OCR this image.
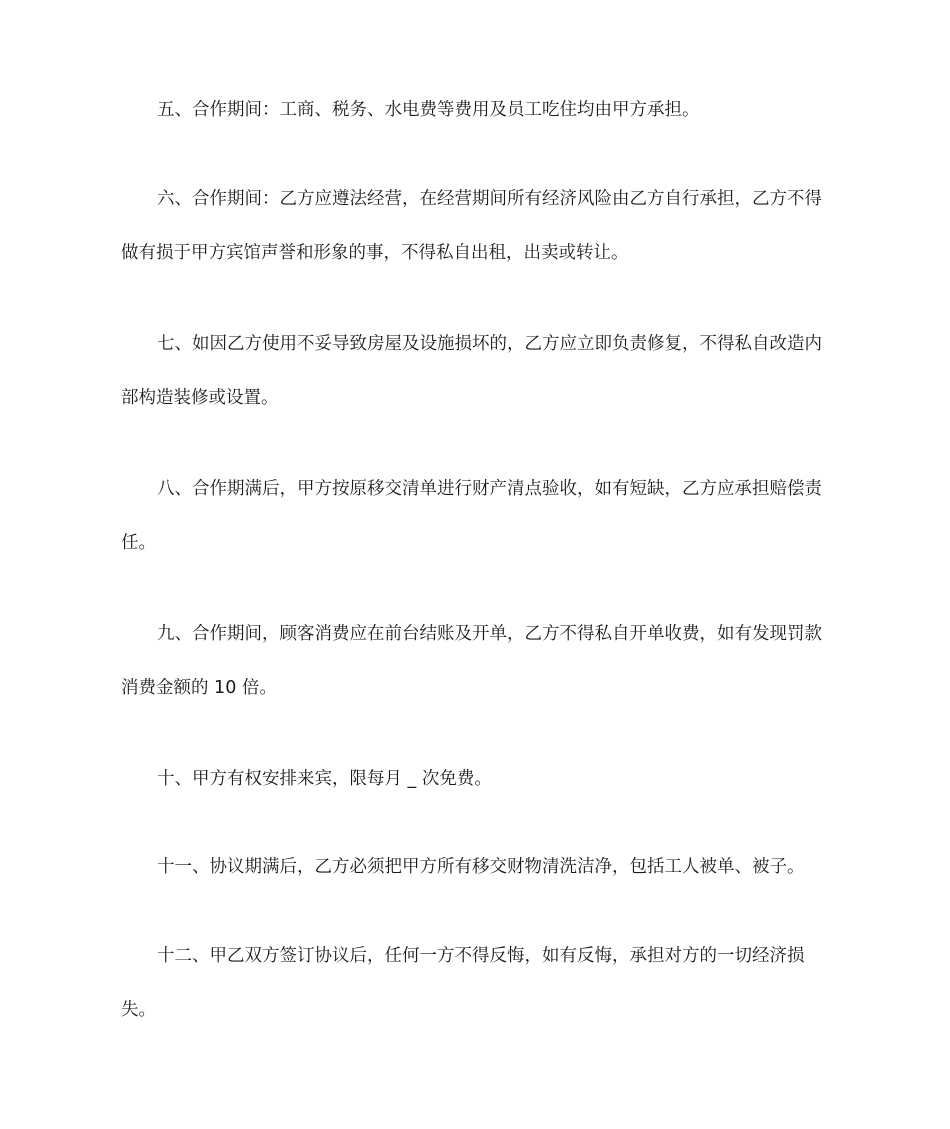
五、合作期间：工商、税务、水电费等费用及员工吃住均由甲方承担。

六、合作期间：乙方应遵法经营，在经营期间所有经济风险由乙方自行承担，乙方不得做有损于甲方宾馆声誉和形象的事，不得私自出租，出卖或转让。

七、如因乙方使用不妥导致房屋及设施损坏的，乙方应立即负责修复，不得私自改造内部构造装修或设置。

八、合作期满后，甲方按原移交清单进行财产清点验收，如有短缺，乙方应承担赔偿责任。

九、合作期间，顾客消费应在前台结账及开单，乙方不得私自开单收费，如有发现罚款消费金额的 10 倍。

十、甲方有权安排来宾，限每月 _ 次免费。

十一、协议期满后，乙方必须把甲方所有移交财物清洗洁净，包括工人被单、被子。

十二、甲乙双方签订协议后，任何一方不得反悔，如有反悔，承担对方的一切经济损失。
